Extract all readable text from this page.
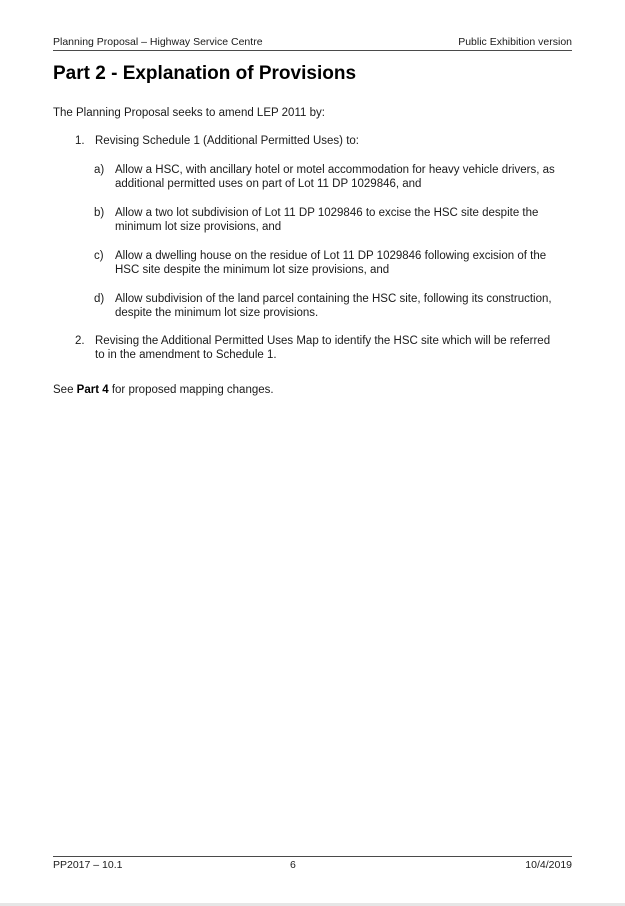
Planning Proposal – Highway Service Centre	Public Exhibition version
Part 2 - Explanation of Provisions
The Planning Proposal seeks to amend LEP 2011 by:
1. Revising Schedule 1 (Additional Permitted Uses) to:
a) Allow a HSC, with ancillary hotel or motel accommodation for heavy vehicle drivers, as
additional permitted uses on part of Lot 11 DP 1029846, and
b) Allow a two lot subdivision of Lot 11 DP 1029846 to excise the HSC site despite the
minimum lot size provisions, and
c) Allow a dwelling house on the residue of Lot 11 DP 1029846 following excision of the
HSC site despite the minimum lot size provisions, and
d) Allow subdivision of the land parcel containing the HSC site, following its construction,
despite the minimum lot size provisions.
2. Revising the Additional Permitted Uses Map to identify the HSC site which will be referred
to in the amendment to Schedule 1.
See Part 4 for proposed mapping changes.
PP2017 – 10.1	6	10/4/2019
